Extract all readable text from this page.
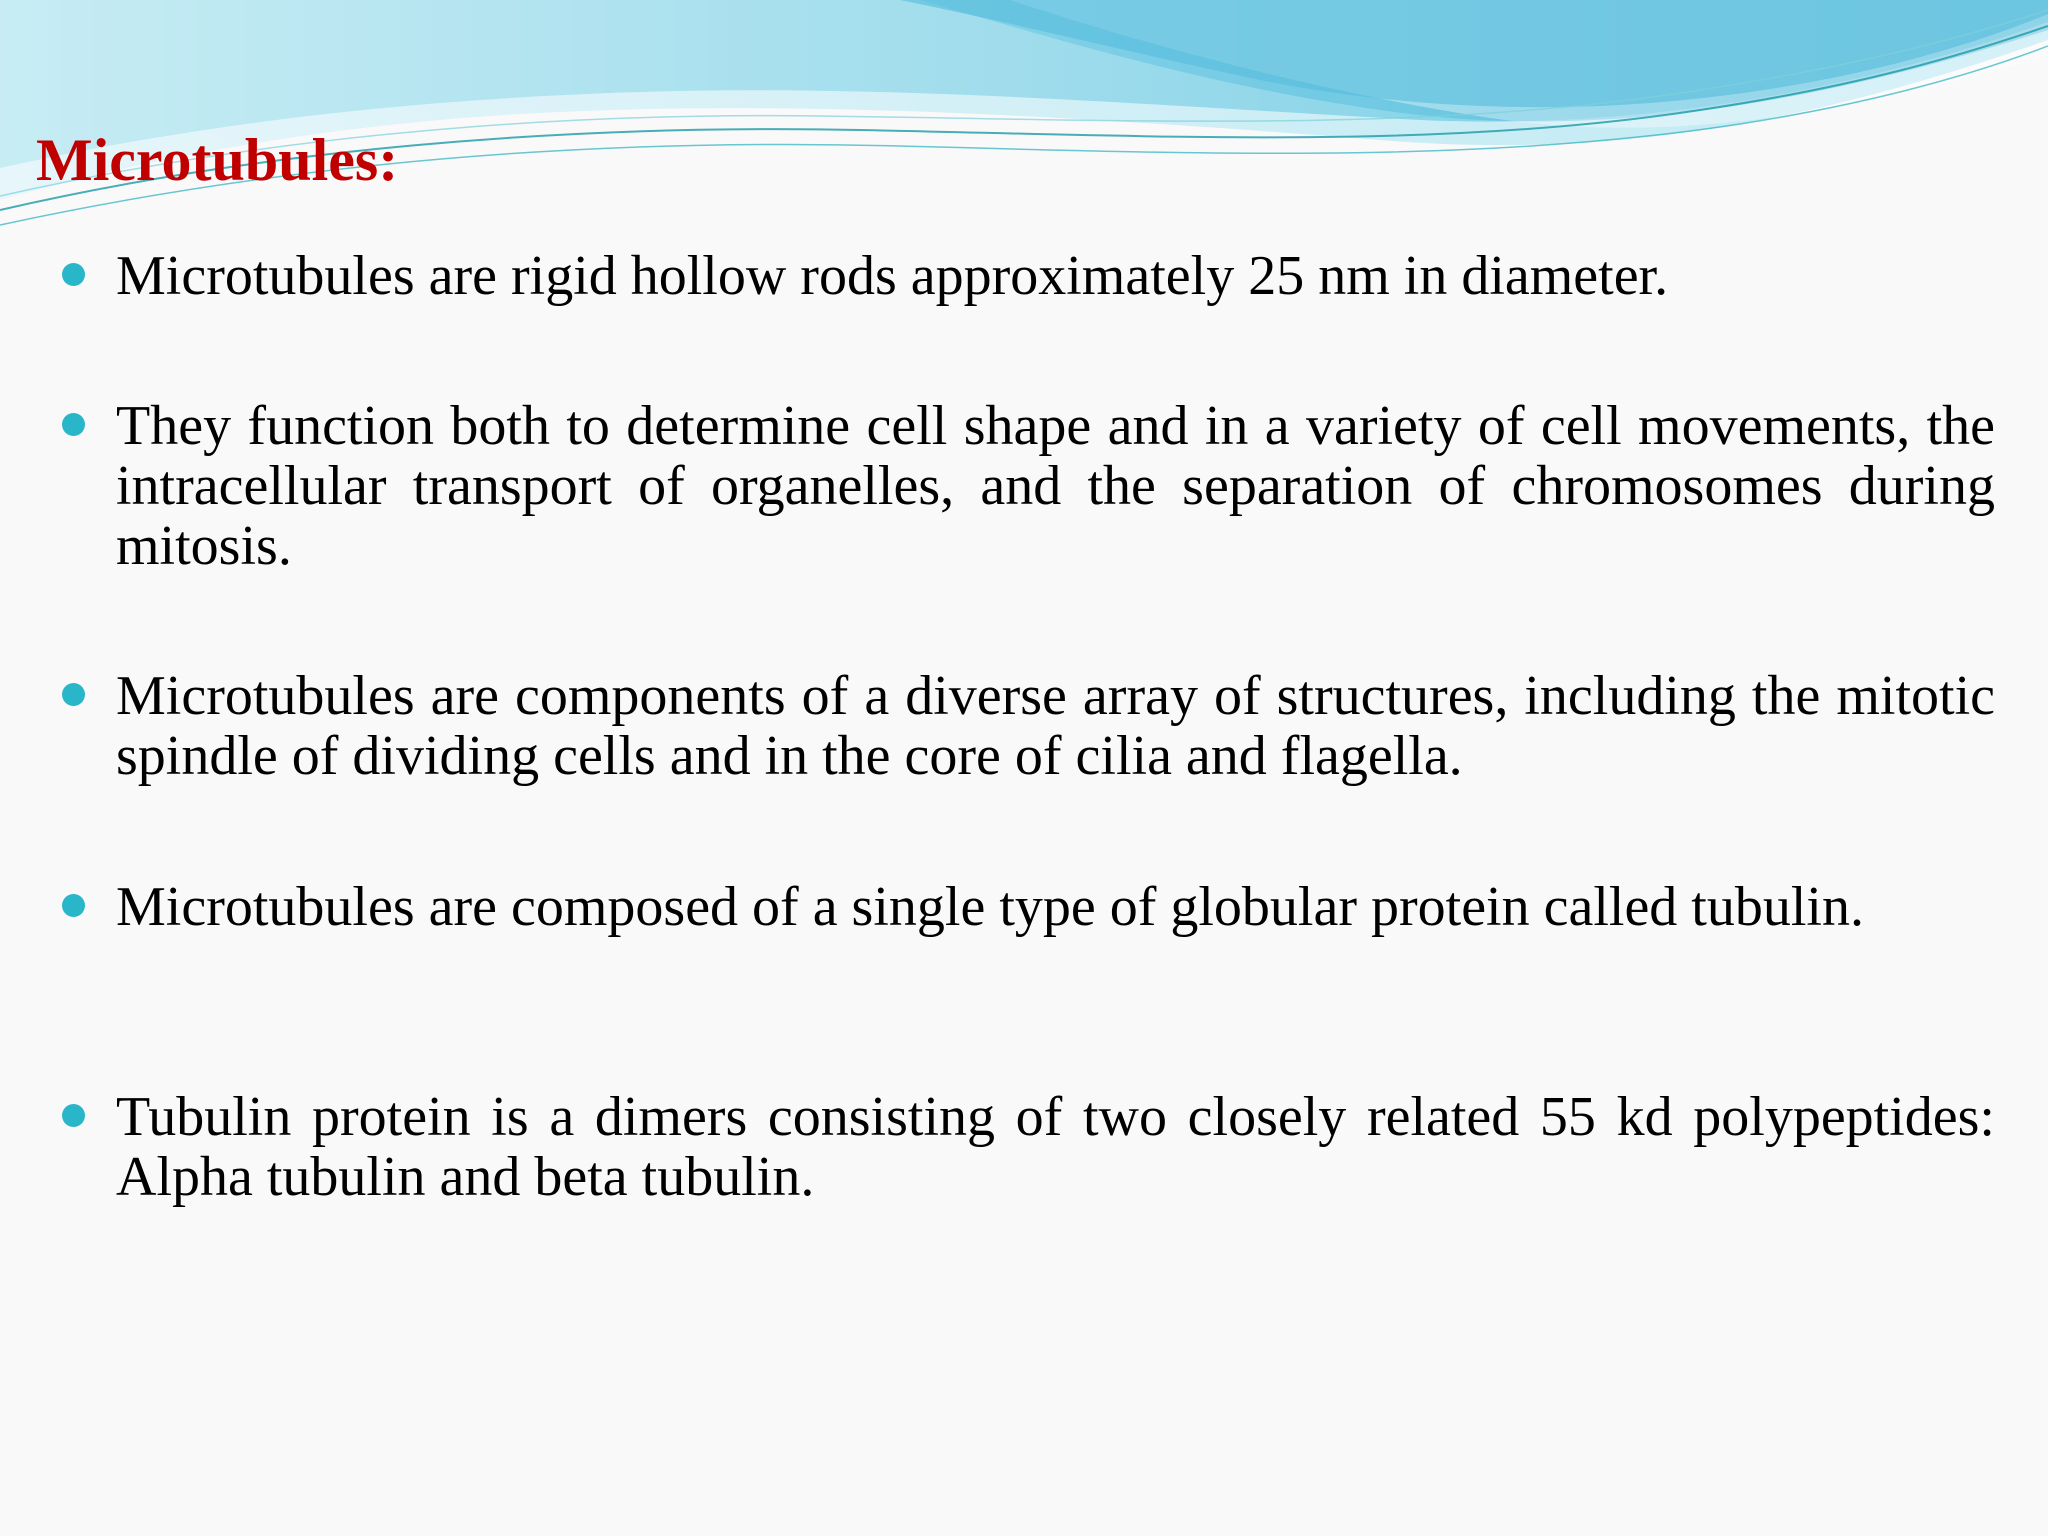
Microtubules:
Microtubules are rigid hollow rods approximately 25 nm in diameter.
They function both to determine cell shape and in a variety of cell movements, the intracellular transport of organelles, and the separation of chromosomes during mitosis.
Microtubules are components of a diverse array of structures, including the mitotic spindle of dividing cells and in the core of cilia and flagella.
Microtubules are composed of a single type of globular protein called tubulin.
Tubulin protein is a dimers consisting of two closely related 55 kd polypeptides: Alpha tubulin and beta tubulin.
